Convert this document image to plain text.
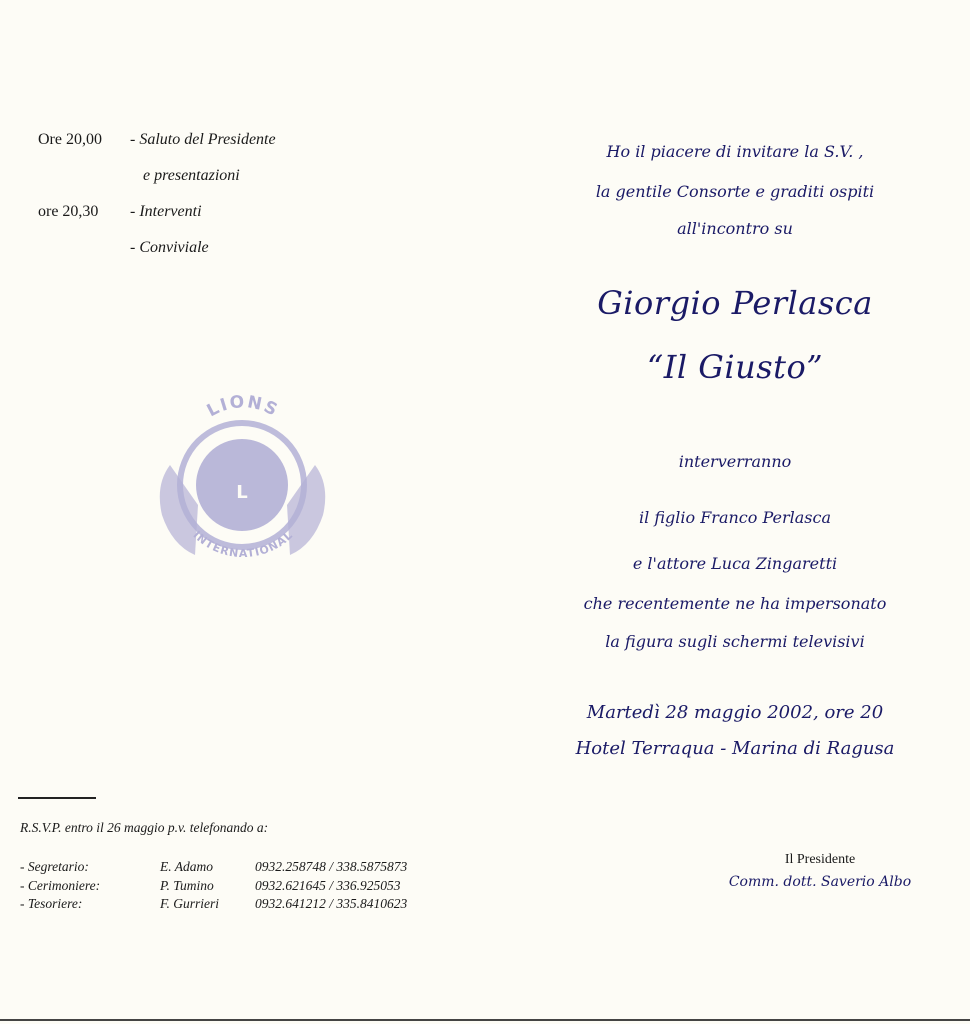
Ore 20,00	- Saluto del Presidente
e presentazioni
ore 20,30	- Interventi
- Conviviale
L
LIONS
INTERNATIONAL
R.S.V.P. entro il 26 maggio p.v. telefonando a:
- Segretario:	E. Adamo	0932.258748 / 338.5875873
- Cerimoniere:	P. Tumino	0932.621645 / 336.925053
- Tesoriere:	F. Gurrieri	0932.641212 / 335.8410623
Ho il piacere di invitare la S.V. ,
la gentile Consorte e graditi ospiti
all'incontro su
Giorgio Perlasca
“Il Giusto”
interverranno
il figlio Franco Perlasca
e l'attore Luca Zingaretti
che recentemente ne ha impersonato
la figura sugli schermi televisivi
Martedì 28 maggio 2002, ore 20
Hotel Terraqua - Marina di Ragusa
Il Presidente
Comm. dott. Saverio Albo
